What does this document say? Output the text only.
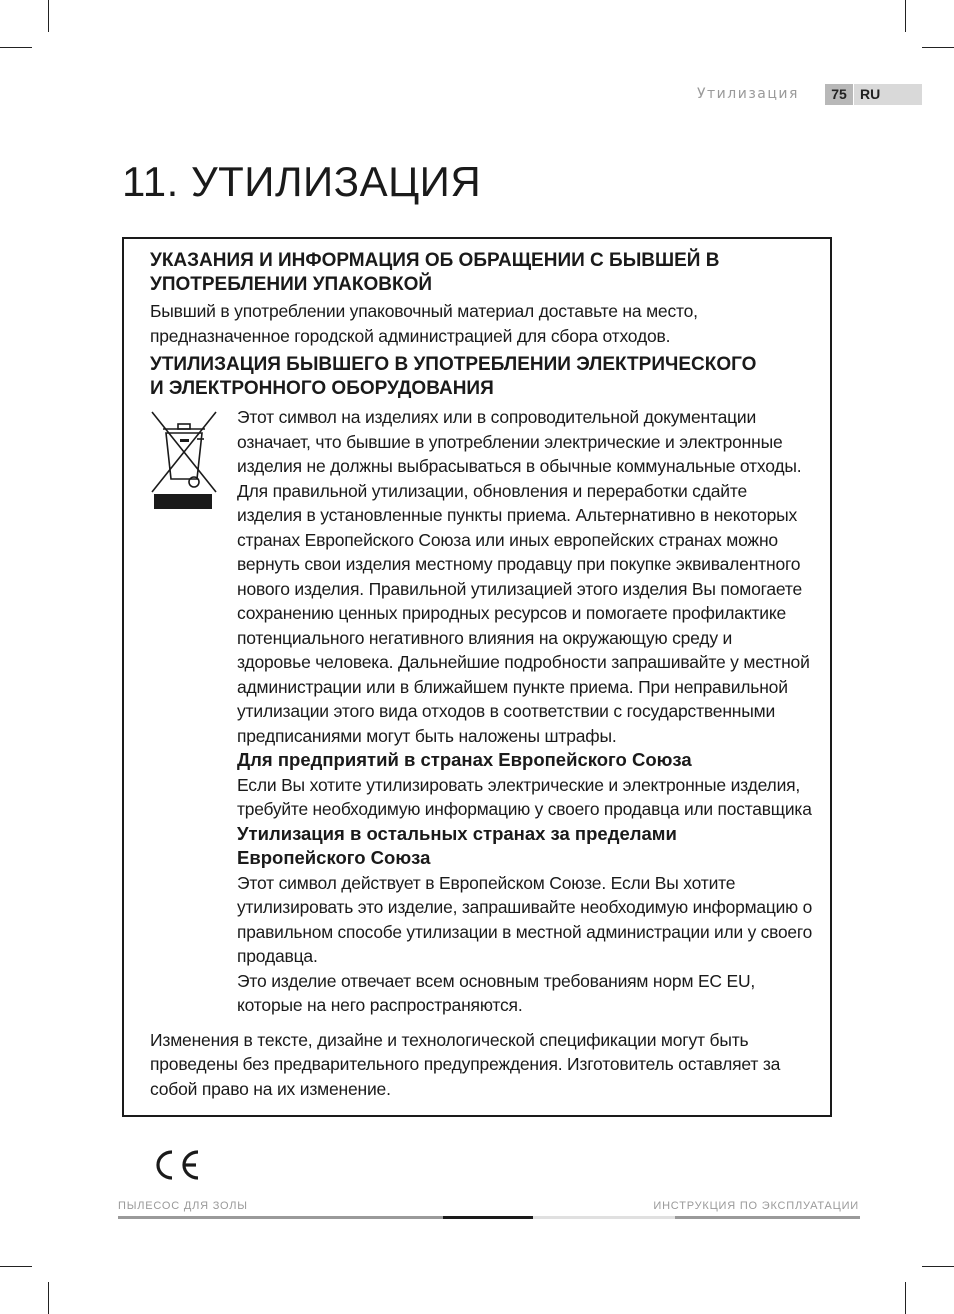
Утилизация	75 RU
11. УТИЛИЗАЦИЯ

УКАЗАНИЯ И ИНФОРМАЦИЯ ОБ ОБРАЩЕНИИ С БЫВШЕЙ В УПОТРЕБЛЕНИИ УПАКОВКОЙ

Бывший в употреблении упаковочный материал доставьте на место,

предназначенное городской администрацией для сбора отходов.

УТИЛИЗАЦИЯ БЫВШЕГО В УПОТРЕБЛЕНИИ ЭЛЕКТРИЧЕСКОГО

И ЭЛЕКТРОННОГО ОБОРУДОВАНИЯ

Этот символ на изделиях или в сопроводительной документации

означает, что бывшие в употреблении электрические и электронные

изделия не должны выбрасываться в обычные коммунальные отходы.

Для правильной утилизации, обновления и переработки сдайте

изделия в установленные пункты приема. Альтернативно в некоторых

странах Европейского Союза или иных европейских странах можно

вернуть свои изделия местному продавцу при покупке эквивалентного

нового изделия. Правильной утилизацией этого изделия Вы помогаете

сохранению ценных природных ресурсов и помогаете профилактике

потенциального негативного влияния на окружающую среду и

здоровье человека. Дальнейшие подробности запрашивайте у местной

администрации или в ближайшем пункте приема. При неправильной

утилизации этого вида отходов в соответствии с государственными

предписаниями могут быть наложены штрафы.

Для предприятий в странах Европейского Союза

Если Вы хотите утилизировать электрические и электронные изделия,

требуйте необходимую информацию у своего продавца или поставщика

Утилизация в остальных странах за пределами

Европейского Союза

Этот символ действует в Европейском Союзе. Если Вы хотите

утилизировать это изделие, запрашивайте необходимую информацию о

правильном способе утилизации в местной администрации или у своего

продавца.

Это изделие отвечает всем основным требованиям норм ЕС EU,

которые на него распространяются.

Изменения в тексте, дизайне и технологической спецификации могут быть

проведены без предварительного предупреждения. Изготовитель оставляет за

собой право на их изменение.

ПЫЛЕСОС ДЛЯ ЗОЛЫ	ИНСТРУКЦИЯ ПО ЭКСПЛУАТАЦИИ
